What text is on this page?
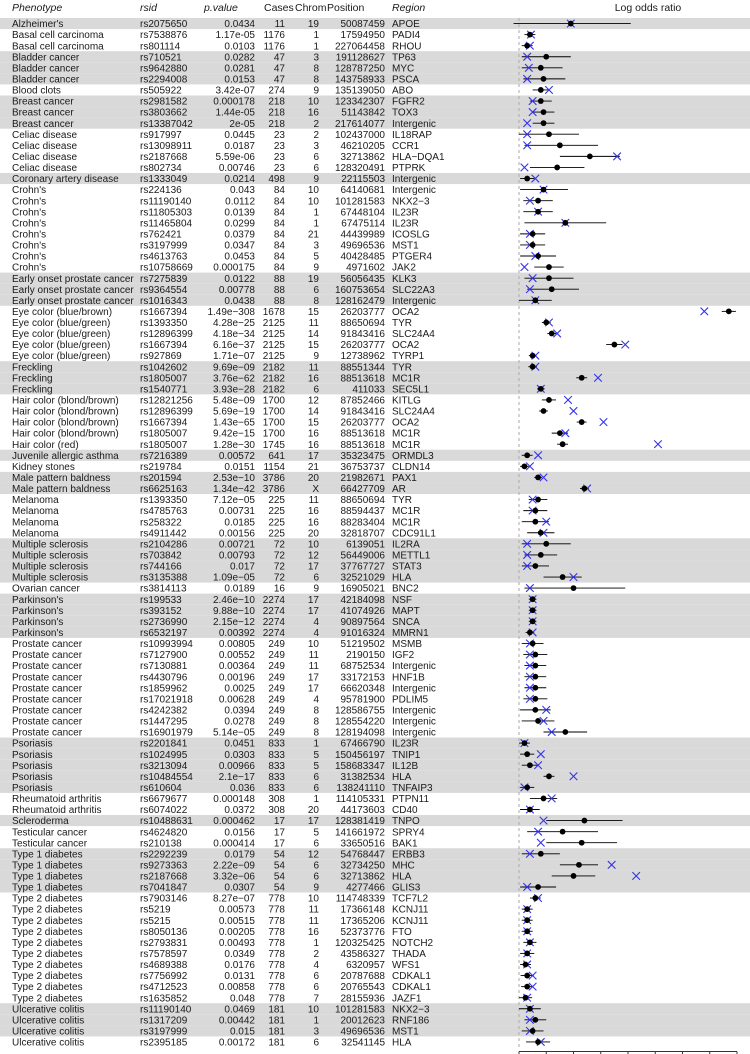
Phenotype	rsid	p.value Cases Chrom Position	Region	Log odds ratio
Alzheimer's	rs2075650	0.0434 11 19 50087459 APOE
Basal cell carcinoma	rs7538876	1.17e-05 1176	1 17594950 PADI4
Basal cell carcinoma	rs801114	0.0103 1176	1 227064458 RHOU
Bladder cancer	rs710521	0.0282 47	3 191128627 TP63
Bladder cancer	rs9642880	0.0281 47	8 128787250 MYC
Bladder cancer	rs2294008	0.0153 47	8 143758933 PSCA
Blood clots	rs505922	3.42e-07 274	9 135139050 ABO
Breast cancer	rs2981582	0.000178 218 10 123342307 FGFR2
Breast cancer	rs3803662	1.44e-05 218 16 51143842 TOX3
Breast cancer	rs13387042	2e-05 218	2 217614077 Intergenic
Celiac disease	rs917997	0.0445 23	2 102437000 IL18RAP
Celiac disease	rs13098911	0.0187 23	3 46210205 CCR1
Celiac disease	rs2187668	5.59e-06 23	6 32713862 HLA−DQA1
Celiac disease	rs802734	0.00746 23	6 128320491 PTPRK
Coronary artery disease rs1333049	0.0214 498	9 22115503 Intergenic
Crohn's	rs224136	0.043 84 10 64140681 Intergenic
Crohn's	rs11190140	0.0112 84 10 101281583 NKX2−3
Crohn's	rs11805303	0.0139 84	1 67448104 IL23R
Crohn's	rs11465804	0.0299 84	1 67475114 IL23R
Crohn's	rs762421	0.0379 84 21 44439989 ICOSLG
Crohn's	rs3197999	0.0347 84	3 49696536 MST1
Crohn's	rs4613763	0.0453 84	5 40428485 PTGER4
Crohn's	rs10758669 0.000175 84	9	4971602 JAK2
Early onset prostate cancer rs7275839	0.0122 88 19 56056435 KLK3
Early onset prostate cancer rs9364554	0.00778 88	6 160753654 SLC22A3
Early onset prostate cancer rs1016343	0.0438 88	8 128162479 Intergenic
Eye color (blue/brown)	rs1667394 1.49e−308 1678 15 26203777 OCA2
Eye color (blue/green)	rs1393350	4.28e−25 2125 11 88650694 TYR
Eye color (blue/green)	rs12896399 4.18e−34 2125 14 91843416 SLC24A4
Eye color (blue/green)	rs1667394	6.16e−37 2125 15 26203777 OCA2
Eye color (blue/green)	rs927869	1.71e−07 2125	9 12738962 TYRP1
Freckling	rs1042602	9.69e−09 2182 11 88551344 TYR
Freckling	rs1805007	3.76e−62 2182 16 88513618 MC1R
Freckling	rs1540771	3.93e−28 2182	6	411033 SEC5L1
Hair color (blond/brown) rs12821256 5.48e−09 1700 12 87852466 KITLG
Hair color (blond/brown) rs12896399 5.69e−19 1700 14 91843416 SLC24A4
Hair color (blond/brown) rs1667394	1.43e−65 1700 15 26203777 OCA2
Hair color (blond/brown) rs1805007	9.42e−15 1700 16 88513618 MC1R
Hair color (red)	rs1805007	1.28e−30 1745 16 88513618 MC1R
Juvenile allergic asthma rs7216389	0.00572 641 17 35323475 ORMDL3
Kidney stones	rs219784	0.0151 1154 21 36753737 CLDN14
Male pattern baldness	rs201594	2.53e−10 3786 20 21982671 PAX1
Male pattern baldness	rs6625163	1.34e−42 3786	X 66427709 AR
Melanoma	rs1393350	7.12e−05 225 11 88650694 TYR
Melanoma	rs4785763	0.00731 225 16 88594437 MC1R
Melanoma	rs258322	0.0185 225 16 88283404 MC1R
Melanoma	rs4911442	0.00156 225 20 32818707 CDC91L1
Multiple sclerosis	rs2104286	0.00721 72 10	6139051 IL2RA
Multiple sclerosis	rs703842	0.00793 72 12 56449006 METTL1
Multiple sclerosis	rs744166	0.017 72 17 37767727 STAT3
Multiple sclerosis	rs3135388	1.09e−05 72	6 32521029 HLA
Ovarian cancer	rs3814113	0.0189 16	9 16905021 BNC2
Parkinson's	rs199533	2.46e−10 2274 17 42184098 NSF
Parkinson's	rs393152	9.88e−10 2274 17 41074926 MAPT
Parkinson's	rs2736990	2.15e−12 2274	4 90897564 SNCA
Parkinson's	rs6532197	0.00392 2274	4 91016324 MMRN1
Prostate cancer	rs10993994	0.00805 249 10 51219502 MSMB
Prostate cancer	rs7127900	0.00552 249 11	2190150 IGF2
Prostate cancer	rs7130881	0.00364 249 11 68752534 Intergenic
Prostate cancer	rs4430796	0.00196 249 17 33172153 HNF1B
Prostate cancer	rs1859962	0.0025 249 17 66620348 Intergenic
Prostate cancer	rs17021918	0.00628 249	4 95781900 PDLIM5
Prostate cancer	rs4242382	0.0394 249	8 128586755 Intergenic
Prostate cancer	rs1447295	0.0278 249	8 128554220 Intergenic
Prostate cancer	rs16901979 5.14e−05 249	8 128194098 Intergenic
Psoriasis	rs2201841	0.0451 833	1 67466790 IL23R
Psoriasis	rs1024995	0.0303 833	5 150456197 TNIP1
Psoriasis	rs3213094	0.00966 833	5 158683347 IL12B
Psoriasis	rs10484554	2.1e−17 833	6 31382534 HLA
Psoriasis	rs610604	0.036 833	6 138241110 TNFAIP3
Rheumatoid arthritis	rs6679677	0.000148 308	1 114105331 PTPN11
Rheumatoid arthritis	rs6074022	0.0372 308 20 44173603 CD40
Scleroderma	rs10488631 0.000462 17 17 128381419 TNPO
Testicular cancer	rs4624820	0.0156 17	5 141661972 SPRY4
Testicular cancer	rs210138	0.000414 17	6 33650516 BAK1
Type 1 diabetes	rs2292239	0.0179 54 12 54768447 ERBB3
Type 1 diabetes	rs9273363	2.22e−09 54	6 32734250 MHC
Type 1 diabetes	rs2187668	3.32e−06 54	6 32713862 HLA
Type 1 diabetes	rs7041847	0.0307 54	9	4277466 GLIS3
Type 2 diabetes	rs7903146	8.27e−07 778 10 114748339 TCF7L2
Type 2 diabetes	rs5219	0.00573 778 11 17366148 KCNJ11
Type 2 diabetes	rs5215	0.00515 778 11 17365206 KCNJ11
Type 2 diabetes	rs8050136	0.00205 778 16 52373776 FTO
Type 2 diabetes	rs2793831	0.00493 778	1 120325425 NOTCH2
Type 2 diabetes	rs7578597	0.0349 778	2 43586327 THADA
Type 2 diabetes	rs4689388	0.0176 778	4	6320957 WFS1
Type 2 diabetes	rs7756992	0.0131 778	6 20787688 CDKAL1
Type 2 diabetes	rs4712523	0.00858 778	6 20765543 CDKAL1
Type 2 diabetes	rs1635852	0.048 778	7 28155936 JAZF1
Ulcerative colitis	rs11190140	0.0469 181 10 101281583 NKX2−3
Ulcerative colitis	rs1317209	0.00442 181	1 20012623 RNF186
Ulcerative colitis	rs3197999	0.015 181	3 49696536 MST1
Ulcerative colitis	rs2395185	0.00172 181	6 32541145 HLA
